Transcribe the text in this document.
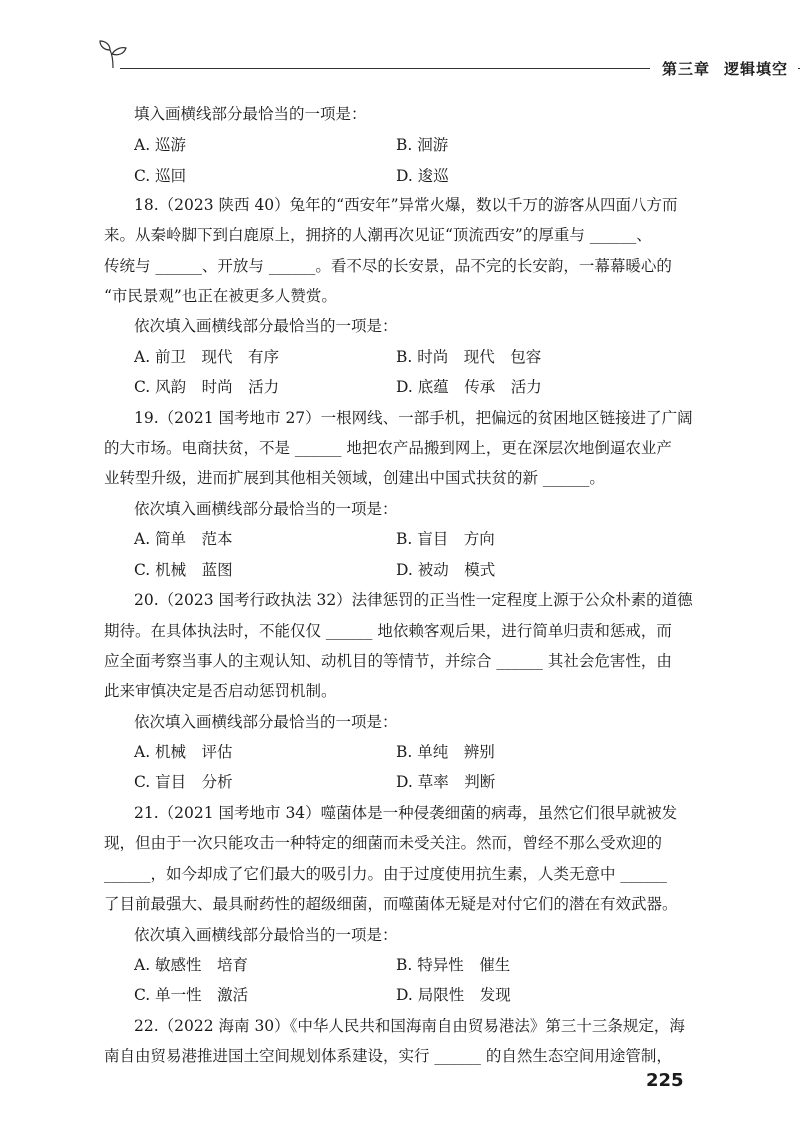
第三章 逻辑填空
填入画横线部分最恰当的一项是：
A. 巡游	B. 洄游
C. 巡回	D. 逡巡
18.（2023 陕西 40）兔年的“西安年”异常火爆，数以千万的游客从四面八方而
来。从秦岭脚下到白鹿原上，拥挤的人潮再次见证“顶流西安”的厚重与 ______、
传统与 ______、开放与 ______。看不尽的长安景，品不完的长安韵，一幕幕暖心的
“市民景观”也正在被更多人赞赏。
依次填入画横线部分最恰当的一项是：
A. 前卫　现代　有序	B. 时尚　现代　包容
C. 风韵　时尚　活力	D. 底蕴　传承　活力
19.（2021 国考地市 27）一根网线、一部手机，把偏远的贫困地区链接进了广阔
的大市场。电商扶贫，不是 ______ 地把农产品搬到网上，更在深层次地倒逼农业产
业转型升级，进而扩展到其他相关领域，创建出中国式扶贫的新 ______。
依次填入画横线部分最恰当的一项是：
A. 简单　范本	B. 盲目　方向
C. 机械　蓝图	D. 被动　模式
20.（2023 国考行政执法 32）法律惩罚的正当性一定程度上源于公众朴素的道德
期待。在具体执法时，不能仅仅 ______ 地依赖客观后果，进行简单归责和惩戒，而
应全面考察当事人的主观认知、动机目的等情节，并综合 ______ 其社会危害性，由
此来审慎决定是否启动惩罚机制。
依次填入画横线部分最恰当的一项是：
A. 机械　评估	B. 单纯　辨别
C. 盲目　分析	D. 草率　判断
21.（2021 国考地市 34）噬菌体是一种侵袭细菌的病毒，虽然它们很早就被发
现，但由于一次只能攻击一种特定的细菌而未受关注。然而，曾经不那么受欢迎的
______，如今却成了它们最大的吸引力。由于过度使用抗生素，人类无意中 ______
了目前最强大、最具耐药性的超级细菌，而噬菌体无疑是对付它们的潜在有效武器。
依次填入画横线部分最恰当的一项是：
A. 敏感性　培育	B. 特异性　催生
C. 单一性　激活	D. 局限性　发现
22.（2022 海南 30）《中华人民共和国海南自由贸易港法》第三十三条规定，海
南自由贸易港推进国土空间规划体系建设，实行 ______ 的自然生态空间用途管制，
225
